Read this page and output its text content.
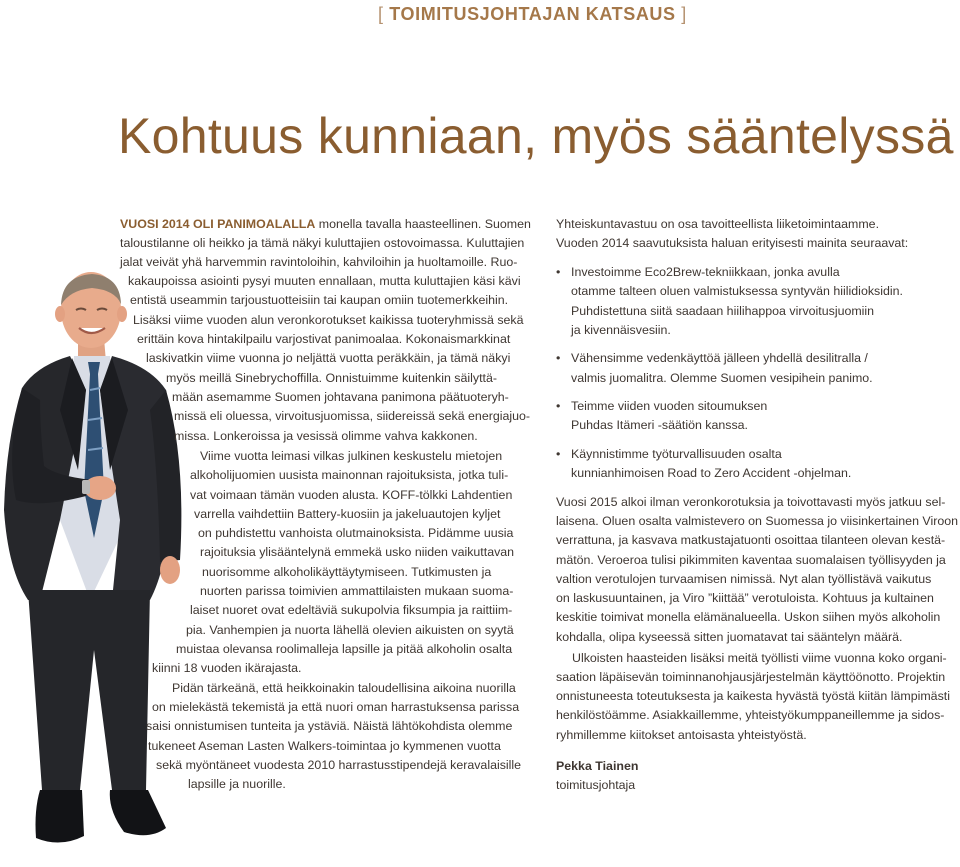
[ TOIMITUSJOHTAJAN KATSAUS ]
Kohtuus kunniaan, myös sääntelyssä
VUOSI 2014 OLI PANIMOALALLA monella tavalla haasteellinen. Suomen
taloustilanne oli heikko ja tämä näkyi kuluttajien ostovoimassa. Kuluttajien
jalat veivät yhä harvemmin ravintoloihin, kahviloihin ja huoltamoille. Ruo-
kakaupoissa asiointi pysyi muuten ennallaan, mutta kuluttajien käsi kävi
entistä useammin tarjoustuotteisiin tai kaupan omiin tuotemerkkeihin.
Lisäksi viime vuoden alun veronkorotukset kaikissa tuoteryhmissä sekä
erittäin kova hintakilpailu varjostivat panimoalaa. Kokonaismarkkinat
laskivatkin viime vuonna jo neljättä vuotta peräkkäin, ja tämä näkyi
myös meillä Sinebrychoffilla. Onnistuimme kuitenkin säilyttä-
mään asemamme Suomen johtavana panimona päätuoteryh-
missä eli oluessa, virvoitusjuomissa, siidereissä sekä energiajuo-
missa. Lonkeroissa ja vesissä olimme vahva kakkonen.
Viime vuotta leimasi vilkas julkinen keskustelu mietojen
alkoholijuomien uusista mainonnan rajoituksista, jotka tuli-
vat voimaan tämän vuoden alusta. KOFF-tölkki Lahdentien
varrella vaihdettiin Battery-kuosiin ja jakeluautojen kyljet
on puhdistettu vanhoista olutmainoksista. Pidämme uusia
rajoituksia ylisääntelynä emmekä usko niiden vaikuttavan
nuorisomme alkoholikäyttäytymiseen. Tutkimusten ja
nuorten parissa toimivien ammattilaisten mukaan suoma-
laiset nuoret ovat edeltäviä sukupolvia fiksumpia ja raittiim-
pia. Vanhempien ja nuorta lähellä olevien aikuisten on syytä
muistaa olevansa roolimalleja lapsille ja pitää alkoholin osalta
kiinni 18 vuoden ikärajasta.
Pidän tärkeänä, että heikkoinakin taloudellisina aikoina nuorilla
on mielekästä tekemistä ja että nuori oman harrastuksensa parissa
saisi onnistumisen tunteita ja ystäviä. Näistä lähtökohdista olemme
tukeneet Aseman Lasten Walkers-toimintaa jo kymmenen vuotta
sekä myöntäneet vuodesta 2010 harrastusstipendejä keravalaisille
lapsille ja nuorille.
Yhteiskuntavastuu on osa tavoitteellista liiketoimintaamme.
Vuoden 2014 saavutuksista haluan erityisesti mainita seuraavat:
• Investoimme Eco2Brew-tekniikkaan, jonka avulla
otamme talteen oluen valmistuksessa syntyvän hiilidioksidin.
Puhdistettuna siitä saadaan hiilihappoa virvoitusjuomiin
ja kivennäisvesiin.
• Vähensimme vedenkäyttöä jälleen yhdellä desilitralla /
valmis juomalitra. Olemme Suomen vesipihein panimo.
• Teimme viiden vuoden sitoumuksen
Puhdas Itämeri -säätiön kanssa.
• Käynnistimme työturvallisuuden osalta
kunnianhimoisen Road to Zero Accident -ohjelman.
Vuosi 2015 alkoi ilman veronkorotuksia ja toivottavasti myös jatkuu sel-
laisena. Oluen osalta valmistevero on Suomessa jo viisinkertainen Viroon
verrattuna, ja kasvava matkustajatuonti osoittaa tilanteen olevan kestä-
mätön. Veroeroa tulisi pikimmiten kaventaa suomalaisen työllisyyden ja
valtion verotulojen turvaamisen nimissä. Nyt alan työllistävä vaikutus
on laskusuuntainen, ja Viro ”kiittää” verotuloista. Kohtuus ja kultainen
keskitie toimivat monella elämänalueella. Uskon siihen myös alkoholin
kohdalla, olipa kyseessä sitten juomatavat tai sääntelyn määrä.
Ulkoisten haasteiden lisäksi meitä työllisti viime vuonna koko organi-
saation läpäisevän toiminnanohjausjärjestelmän käyttöönotto. Projektin
onnistuneesta toteutuksesta ja kaikesta hyvästä työstä kiitän lämpimästi
henkilöstöämme. Asiakkaillemme, yhteistyökumppaneillemme ja sidos-
ryhmillemme kiitokset antoisasta yhteistyöstä.
Pekka Tiainen
toimitusjohtaja
